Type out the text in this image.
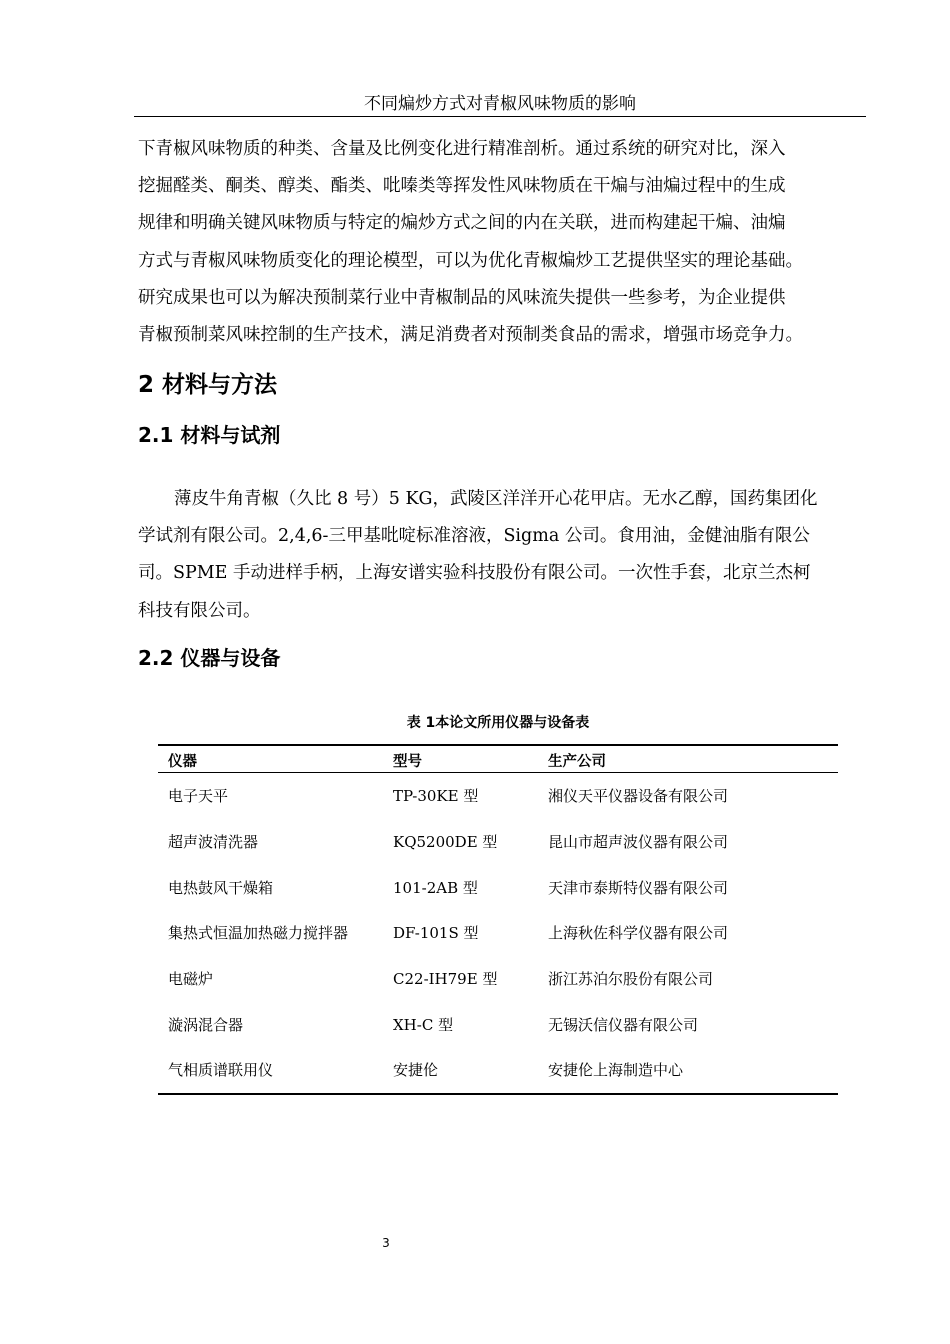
不同煸炒方式对青椒风味物质的影响

下青椒风味物质的种类、含量及比例变化进行精准剖析。通过系统的研究对比，深入
挖掘醛类、酮类、醇类、酯类、吡嗪类等挥发性风味物质在干煸与油煸过程中的生成
规律和明确关键风味物质与特定的煸炒方式之间的内在关联，进而构建起干煸、油煸
方式与青椒风味物质变化的理论模型，可以为优化青椒煸炒工艺提供坚实的理论基础。
研究成果也可以为解决预制菜行业中青椒制品的风味流失提供一些参考，为企业提供
青椒预制菜风味控制的生产技术，满足消费者对预制类食品的需求，增强市场竞争力。

2 材料与方法
2.1 材料与试剂

薄皮牛角青椒（久比 8 号）5 KG，武陵区洋洋开心花甲店。无水乙醇，国药集团化
学试剂有限公司。2,4,6-三甲基吡啶标准溶液，Sigma 公司。食用油，金健油脂有限公
司。SPME 手动进样手柄，上海安谱实验科技股份有限公司。一次性手套，北京兰杰柯
科技有限公司。

2.2 仪器与设备
表 1本论文所用仪器与设备表
仪器	型号	生产公司
电子天平	TP-30KE 型	湘仪天平仪器设备有限公司
超声波清洗器	KQ5200DE 型	昆山市超声波仪器有限公司
电热鼓风干燥箱	101-2AB 型	天津市泰斯特仪器有限公司
集热式恒温加热磁力搅拌器	DF-101S 型	上海秋佐科学仪器有限公司
电磁炉	C22-IH79E 型	浙江苏泊尔股份有限公司
漩涡混合器	XH-C 型	无锡沃信仪器有限公司
气相质谱联用仪	安捷伦	安捷伦上海制造中心
3
